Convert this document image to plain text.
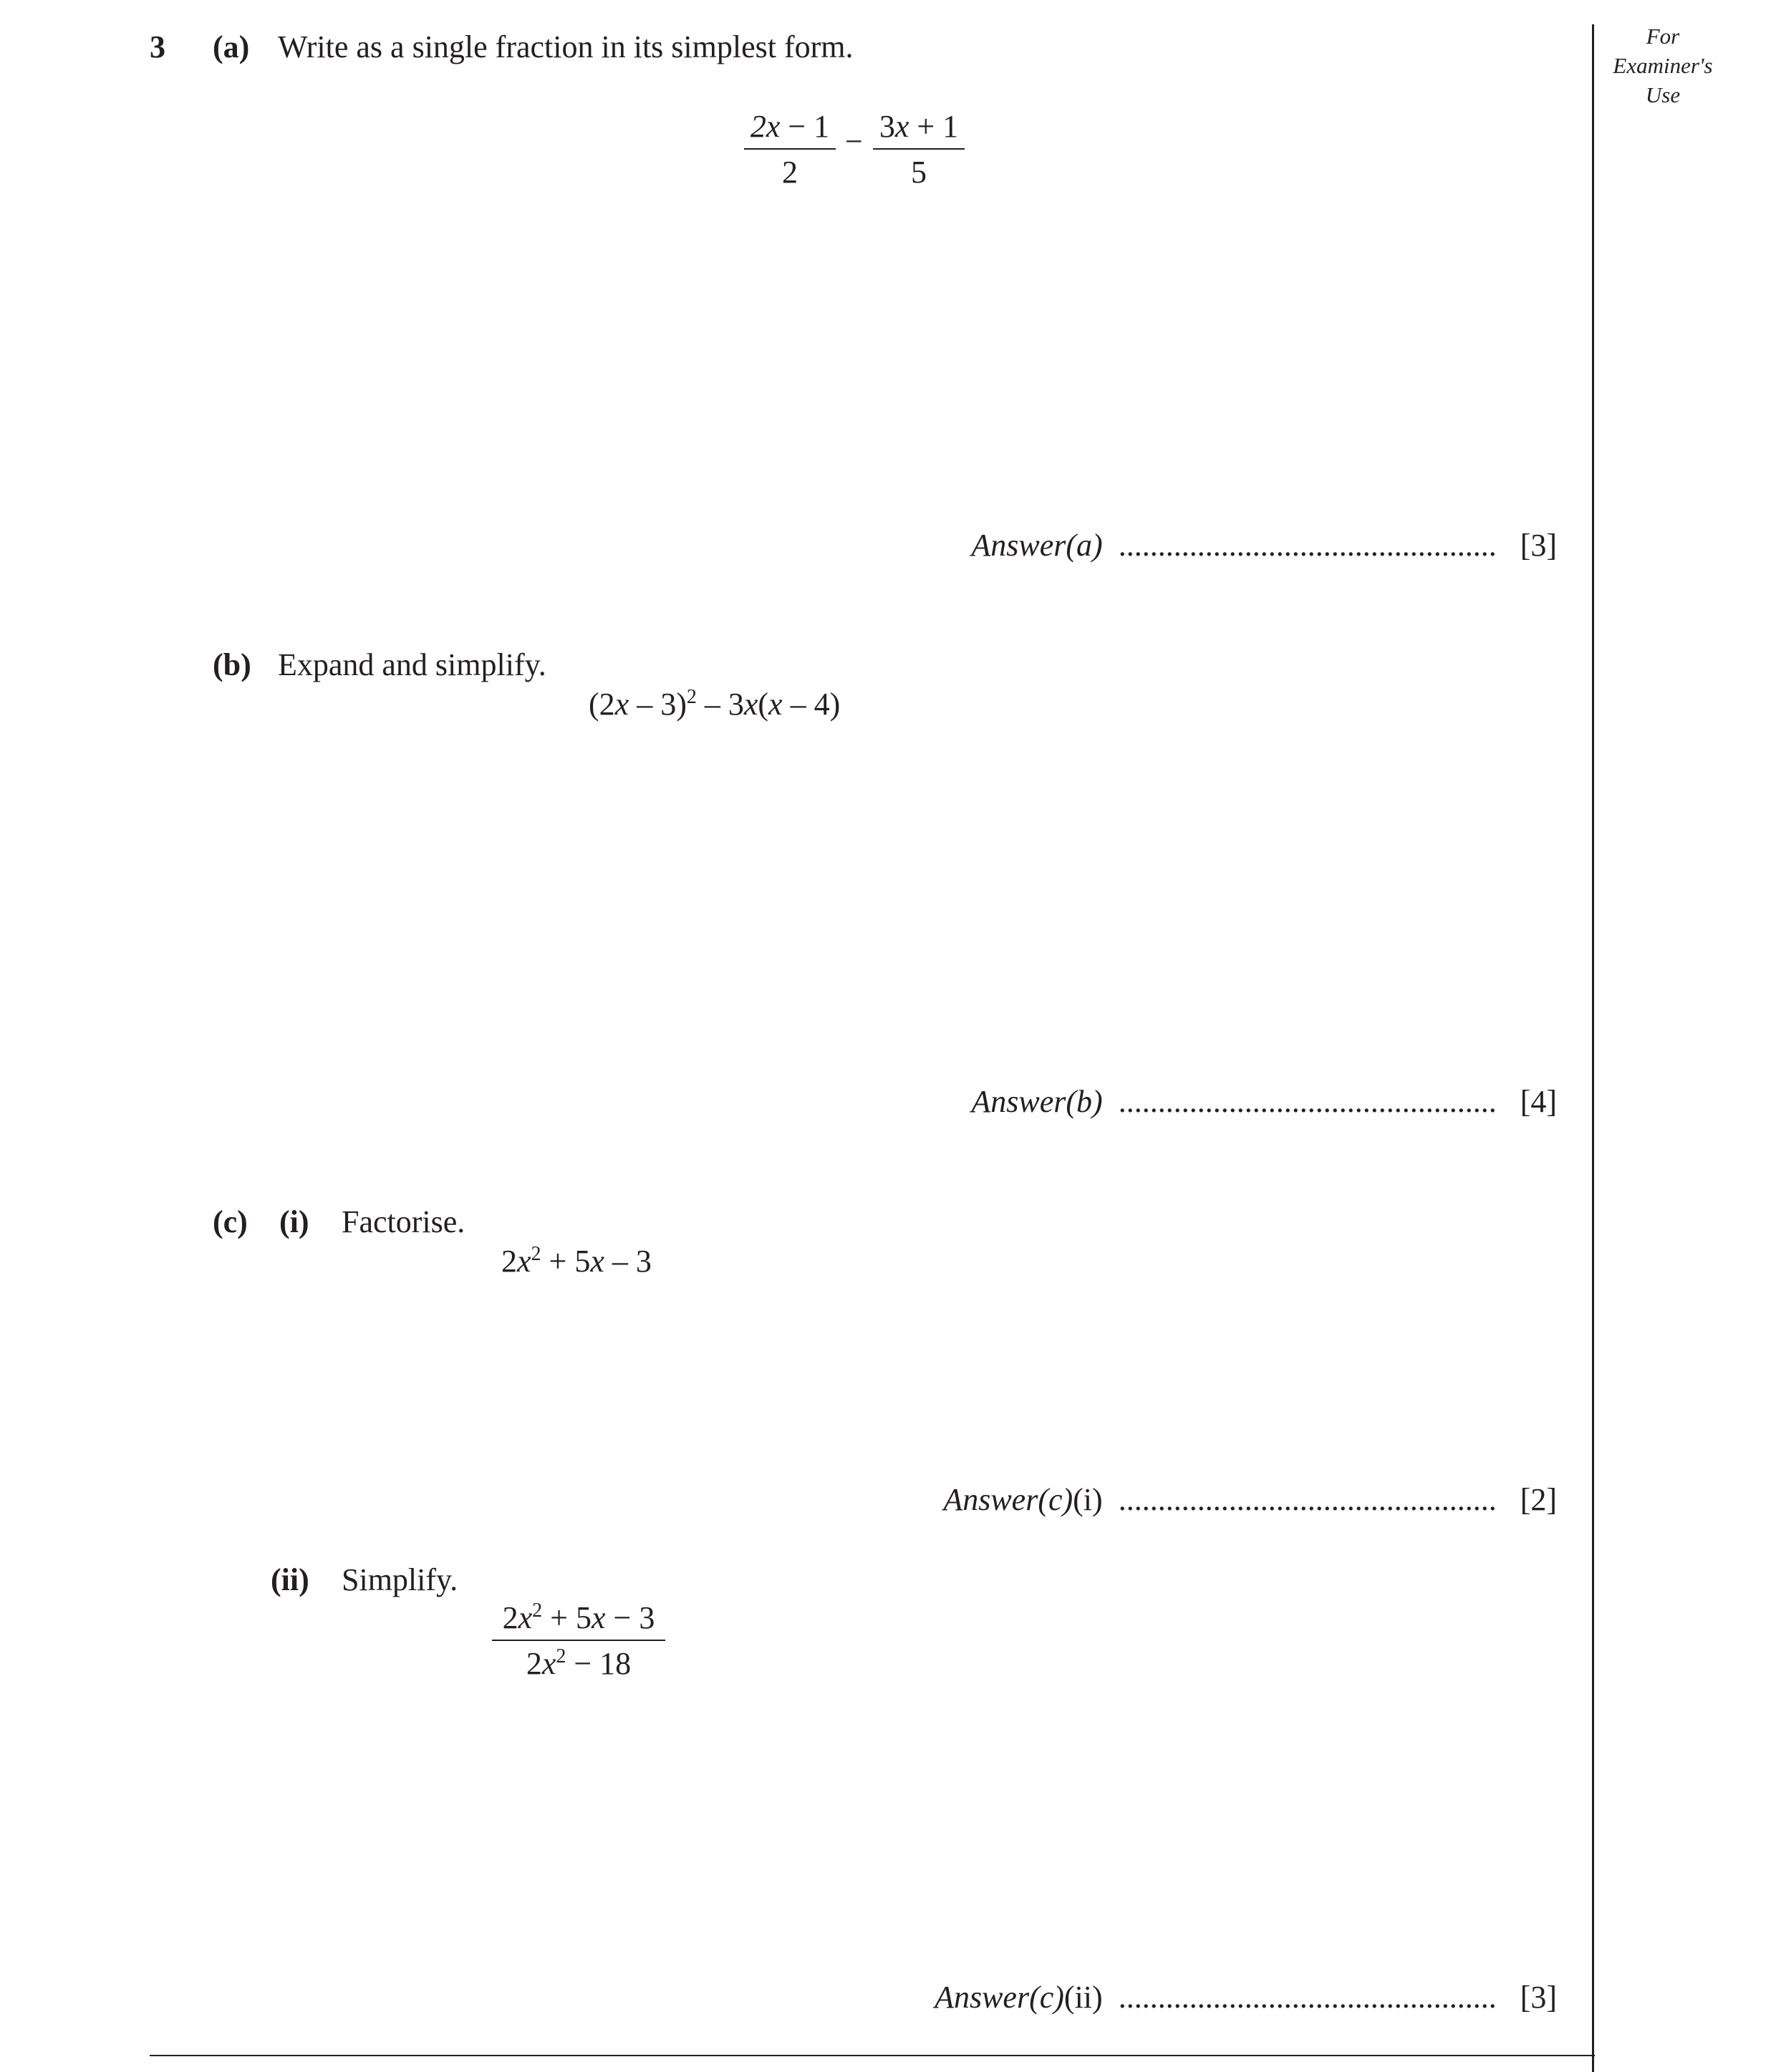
For
Examiner's
Use
3 (a) Write as a single fraction in its simplest form.
2x − 1
2
− 3x + 1
5
Answer(a) ................................................ [3]
(b) Expand and simplify.
(2x – 3)$^2$ – 3x(x – 4)
Answer(b) ................................................ [4]
(c) (i) Factorise.
$2x^2 + 5x - 3$
Answer(c)(i) ................................................ [2]
(ii) Simplify.
$2x^2 + 5x - 3$
$2x^2 - 18$
Answer(c)(ii) ................................................ [3]
